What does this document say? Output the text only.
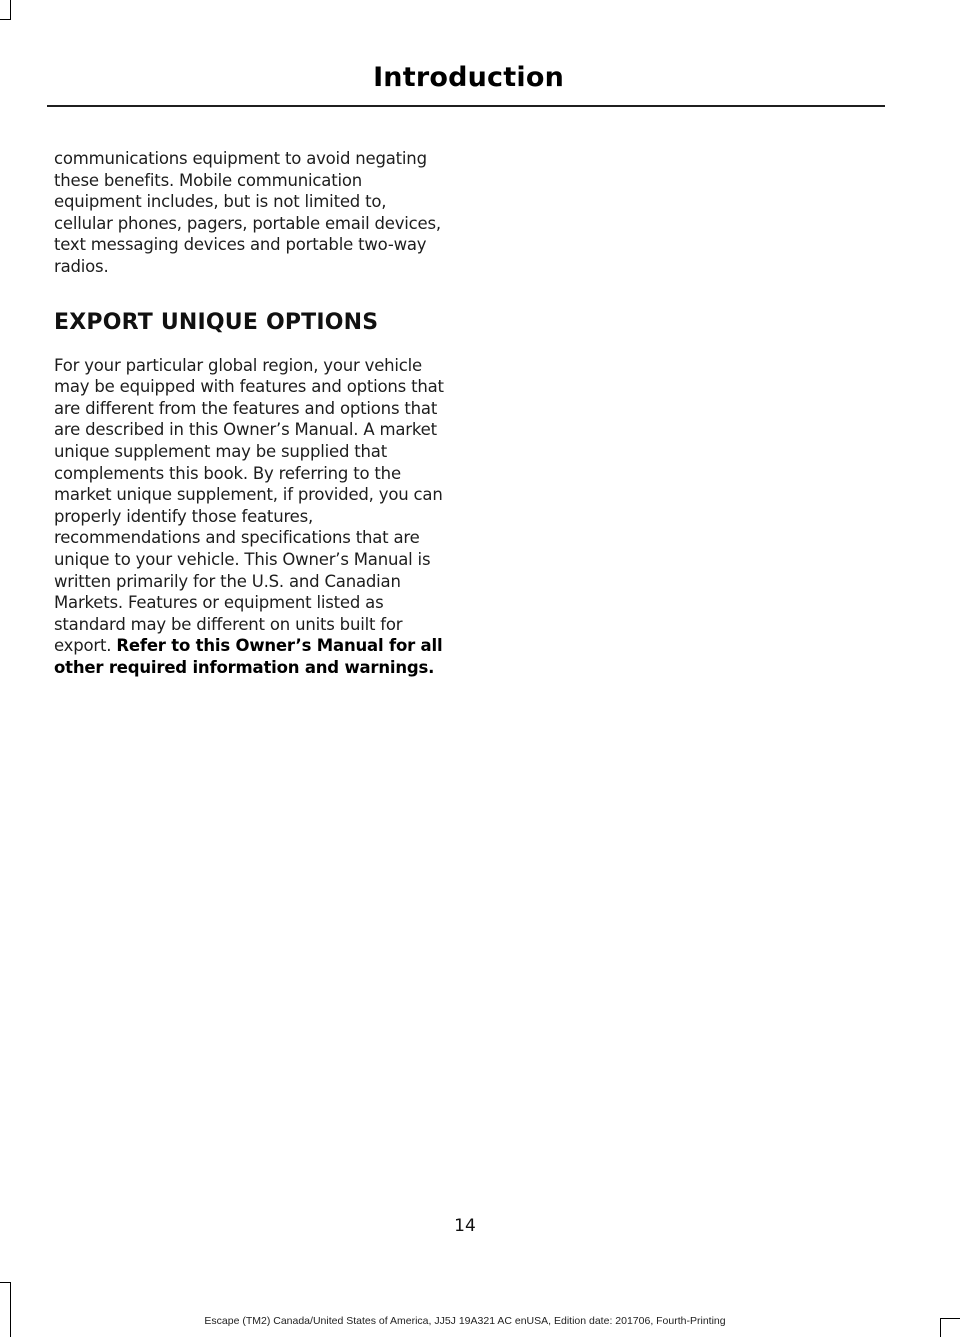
Introduction

communications equipment to avoid negating these benefits. Mobile communication equipment includes, but is not limited to, cellular phones, pagers, portable email devices, text messaging devices and portable two-way radios.

EXPORT UNIQUE OPTIONS

For your particular global region, your vehicle may be equipped with features and options that are different from the features and options that are described in this Owner’s Manual. A market unique supplement may be supplied that complements this book. By referring to the market unique supplement, if provided, you can properly identify those features, recommendations and specifications that are unique to your vehicle. This Owner’s Manual is written primarily for the U.S. and Canadian Markets. Features or equipment listed as standard may be different on units built for export. Refer to this Owner’s Manual for all other required information and warnings.

14
Escape (TM2) Canada/United States of America, JJ5J 19A321 AC enUSA, Edition date: 201706, Fourth-Printing
